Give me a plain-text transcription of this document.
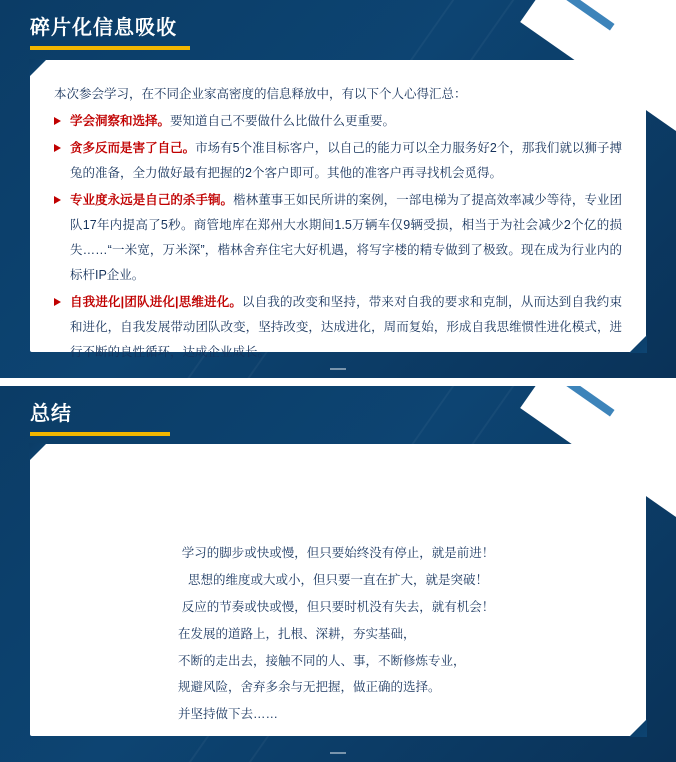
碎片化信息吸收

本次参会学习，在不同企业家高密度的信息释放中，有以下个人心得汇总：

学会洞察和选择。要知道自己不要做什么比做什么更重要。
贪多反而是害了自己。市场有5个准目标客户，以自己的能力可以全力服务好2个，那我们就以狮子搏兔的准备，全力做好最有把握的2个客户即可。其他的准客户再寻找机会觅得。
专业度永远是自己的杀手锏。楷林董事王如民所讲的案例，一部电梯为了提高效率减少等待，专业团队17年内提高了5秒。商管地库在郑州大水期间1.5万辆车仅9辆受损，相当于为社会减少2个亿的损失……“一米宽，万米深”，楷林舍弃住宅大好机遇，将写字楼的精专做到了极致。现在成为行业内的标杆IP企业。
自我进化|团队进化|思维进化。以自我的改变和坚持，带来对自我的要求和克制，从而达到自我约束和进化，自我发展带动团队改变，坚持改变，达成进化，周而复始，形成自我思维惯性进化模式，进行不断的良性循环，达成企业成长。
总结
学习的脚步或快或慢，但只要始终没有停止，就是前进！
思想的维度或大或小，但只要一直在扩大，就是突破！
反应的节奏或快或慢，但只要时机没有失去，就有机会！
在发展的道路上，扎根、深耕，夯实基础，
不断的走出去，接触不同的人、事，不断修炼专业，
规避风险，舍弃多余与无把握，做正确的选择。
并坚持做下去……
